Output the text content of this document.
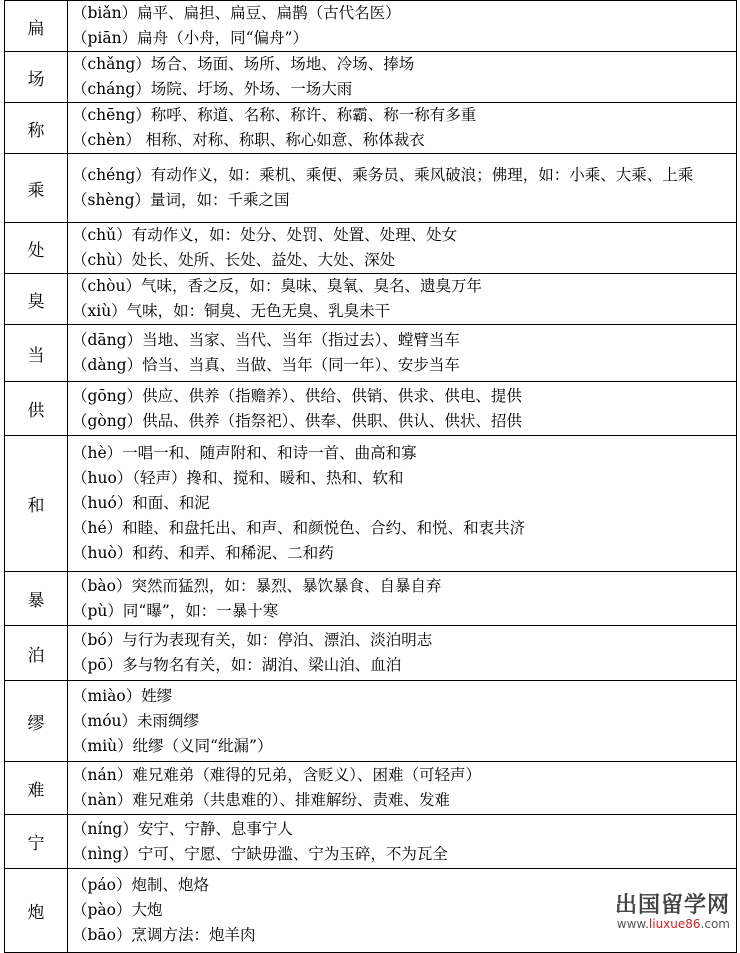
扁	（biǎn）扁平、扁担、扁豆、扁鹊（古代名医）
（piān）扁舟（小舟，同“偏舟”）

场	（chǎng）场合、场面、场所、场地、冷场、捧场
（cháng）场院、圩场、外场、一场大雨

称	（chēng）称呼、称道、名称、称许、称霸、称一称有多重
（chèn） 相称、对称、称职、称心如意、称体裁衣

乘	（chéng）有动作义，如：乘机、乘便、乘务员、乘风破浪；佛理，如：小乘、大乘、上乘
（shèng）量词，如：千乘之国

处	（chǔ）有动作义，如：处分、处罚、处置、处理、处女
（chù）处长、处所、长处、益处、大处、深处

臭	（chòu）气味，香之反，如：臭味、臭氧、臭名、遗臭万年
（xiù）气味，如：铜臭、无色无臭、乳臭未干

当	（dāng）当地、当家、当代、当年（指过去）、螳臂当车
（dàng）恰当、当真、当做、当年（同一年）、安步当车

供	（gōng）供应、供养（指赡养）、供给、供销、供求、供电、提供
（gòng）供品、供养（指祭祀）、供奉、供职、供认、供状、招供

和	（hè）一唱一和、随声附和、和诗一首、曲高和寡
（huo）（轻声）搀和、搅和、暖和、热和、软和
（huó）和面、和泥
（hé）和睦、和盘托出、和声、和颜悦色、合约、和悦、和衷共济
（huò）和药、和弄、和稀泥、二和药

暴	（bào）突然而猛烈，如：暴烈、暴饮暴食、自暴自弃
（pù）同“曝”，如：一暴十寒

泊	（bó）与行为表现有关，如：停泊、漂泊、淡泊明志
（pō）多与物名有关，如：湖泊、梁山泊、血泊

缪	（miào）姓缪
（móu）未雨绸缪
（miù）纰缪（义同“纰漏”）

难	（nán）难兄难弟（难得的兄弟，含贬义）、困难（可轻声）
（nàn）难兄难弟（共患难的）、排难解纷、责难、发难

宁	（níng）安宁、宁静、息事宁人
（nìng）宁可、宁愿、宁缺毋滥、宁为玉碎，不为瓦全

炮	（páo）炮制、炮烙
（pào）大炮
（bāo）烹调方法：炮羊肉
出国留学网
www.liuxue86.com
